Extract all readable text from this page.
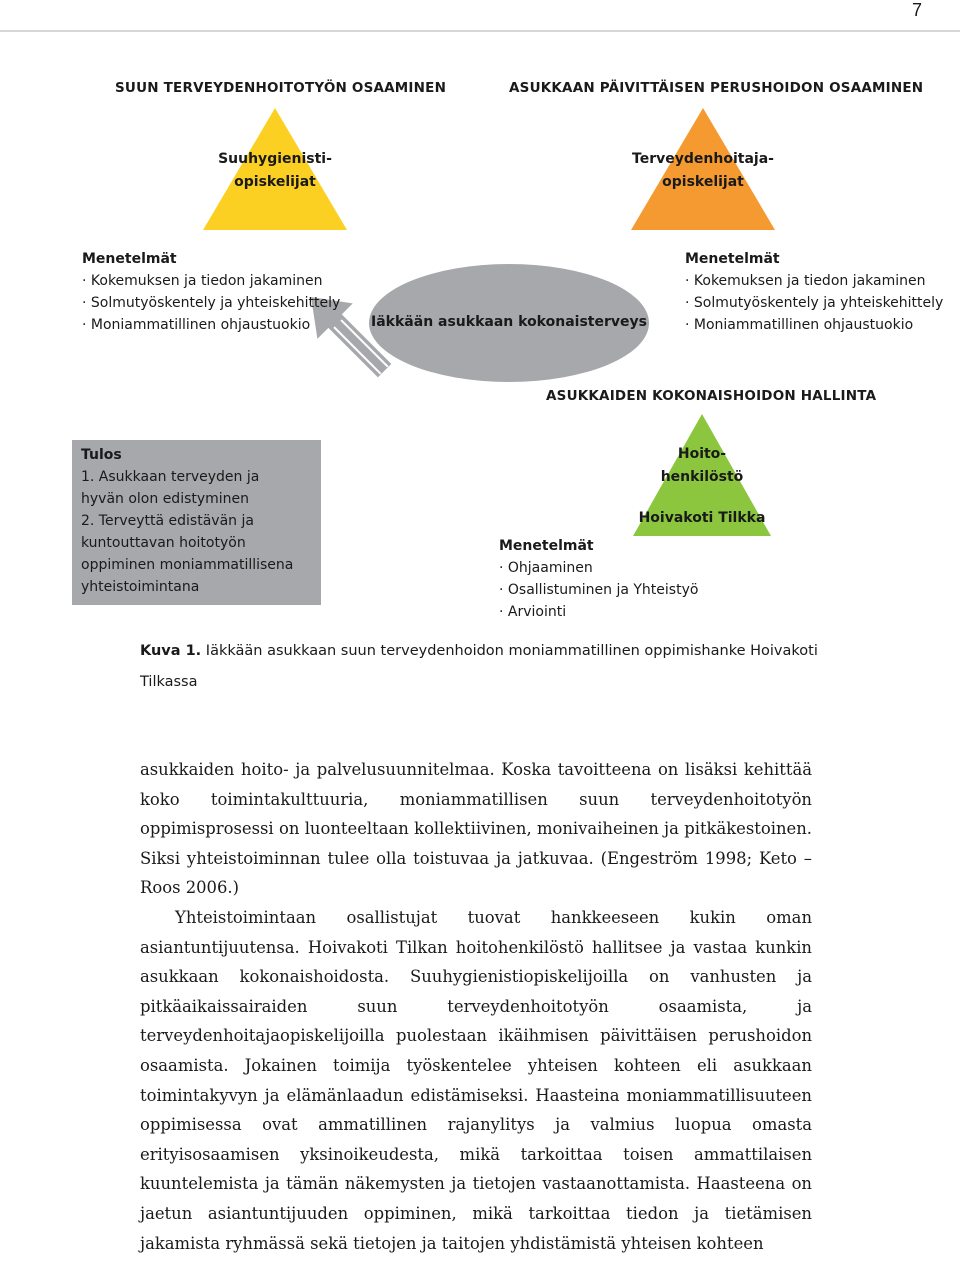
7
SUUN TERVEYDENHOITOTYÖN OSAAMINEN	ASUKKAAN PÄIVITTÄISEN PERUSHOIDON OSAAMINEN
Suuhygienisti-
opiskelijat
Terveydenhoitaja-
opiskelijat
Menetelmät
· Kokemuksen ja tiedon jakaminen
· Solmutyöskentely ja yhteiskehittely
· Moniammatillinen ohjaustuokio	Iäkkään asukkaan kokonaisterveys
Menetelmät
· Kokemuksen ja tiedon jakaminen
· Solmutyöskentely ja yhteiskehittely
· Moniammatillinen ohjaustuokio
ASUKKAIDEN KOKONAISHOIDON HALLINTA
Hoito-
henkilöstö
Hoivakoti Tilkka
Menetelmät
· Ohjaaminen
· Osallistuminen ja Yhteistyö
· Arviointi
Tulos
1. Asukkaan terveyden ja
hyvän olon edistyminen
2. Terveyttä edistävän ja
kuntouttavan hoitotyön
oppiminen moniammatillisena
yhteistoimintana
Kuva 1. Iäkkään asukkaan suun terveydenhoidon moniammatillinen oppimishanke Hoivakoti Tilkassa

asukkaiden hoito- ja palvelusuunnitelmaa. Koska tavoitteena on lisäksi kehittää koko toimintakulttuuria, moniammatillisen suun terveydenhoitotyön oppimisprosessi on luonteeltaan kollektiivinen, monivaiheinen ja pitkäkestoinen. Siksi yhteistoiminnan tulee olla toistuvaa ja jatkuvaa. (Engeström 1998; Keto – Roos 2006.)

Yhteistoimintaan osallistujat tuovat hankkeeseen kukin oman asiantuntijuutensa. Hoivakoti Tilkan hoitohenkilöstö hallitsee ja vastaa kunkin asukkaan kokonaishoidosta. Suuhygienistiopiskelijoilla on vanhusten ja pitkäaikaissairaiden suun terveydenhoitotyön osaamista, ja terveydenhoitajaopiskelijoilla puolestaan ikäihmisen päivittäisen perushoidon osaamista. Jokainen toimija työskentelee yhteisen kohteen eli asukkaan toimintakyvyn ja elämänlaadun edistämiseksi. Haasteina moniammatillisuuteen oppimisessa ovat ammatillinen rajanylitys ja valmius luopua omasta erityisosaamisen yksinoikeudesta, mikä tarkoittaa toisen ammattilaisen kuuntelemista ja tämän näkemysten ja tietojen vastaanottamista. Haasteena on jaetun asiantuntijuuden oppiminen, mikä tarkoittaa tiedon ja tietämisen jakamista ryhmässä sekä tietojen ja taitojen yhdistämistä yhteisen kohteen
